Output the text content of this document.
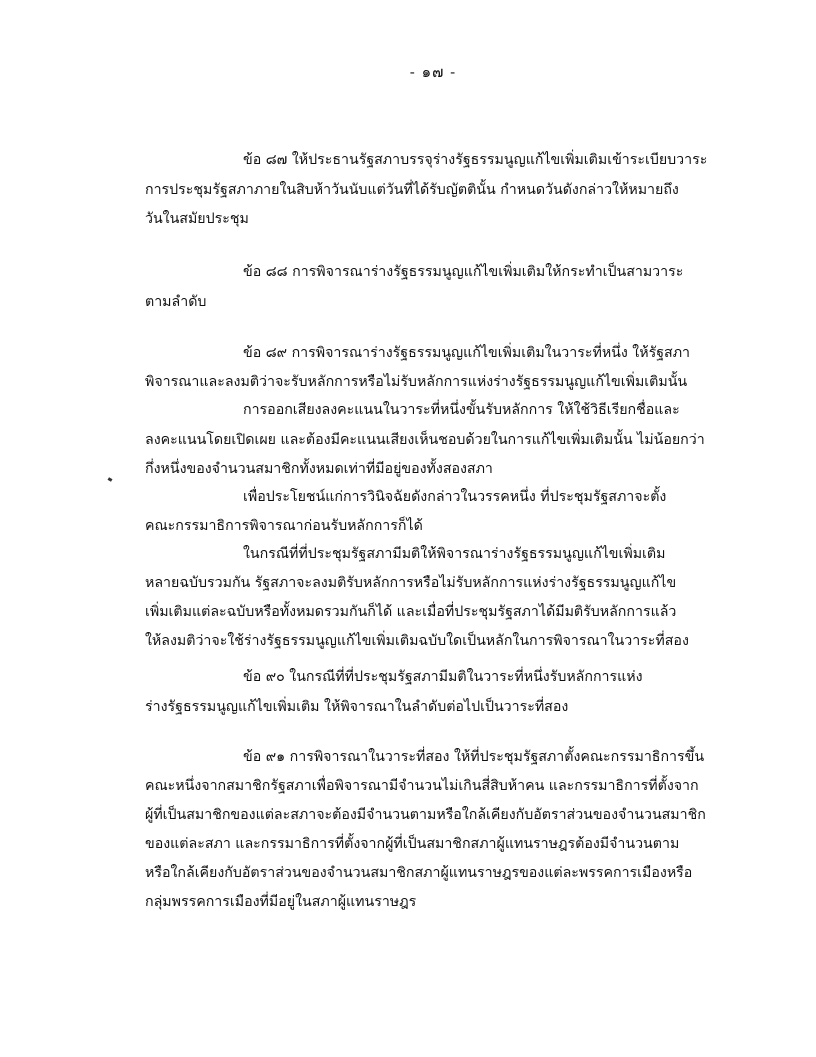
- ๑๗ -
ข้อ ๘๗ ให้ประธานรัฐสภาบรรจุร่างรัฐธรรมนูญแก้ไขเพิ่มเติมเข้าระเบียบวาระ
การประชุมรัฐสภาภายในสิบห้าวันนับแต่วันที่ได้รับญัตตินั้น กำหนดวันดังกล่าวให้หมายถึง
วันในสมัยประชุม
ข้อ ๘๘ การพิจารณาร่างรัฐธรรมนูญแก้ไขเพิ่มเติมให้กระทำเป็นสามวาระ
ตามลำดับ
ข้อ ๘๙ การพิจารณาร่างรัฐธรรมนูญแก้ไขเพิ่มเติมในวาระที่หนึ่ง ให้รัฐสภา
พิจารณาและลงมติว่าจะรับหลักการหรือไม่รับหลักการแห่งร่างรัฐธรรมนูญแก้ไขเพิ่มเติมนั้น
การออกเสียงลงคะแนนในวาระที่หนึ่งขั้นรับหลักการ ให้ใช้วิธีเรียกชื่อและ
ลงคะแนนโดยเปิดเผย และต้องมีคะแนนเสียงเห็นชอบด้วยในการแก้ไขเพิ่มเติมนั้น ไม่น้อยกว่า
กึ่งหนึ่งของจำนวนสมาชิกทั้งหมดเท่าที่มีอยู่ของทั้งสองสภา
เพื่อประโยชน์แก่การวินิจฉัยดังกล่าวในวรรคหนึ่ง ที่ประชุมรัฐสภาจะตั้ง
คณะกรรมาธิการพิจารณาก่อนรับหลักการก็ได้
ในกรณีที่ที่ประชุมรัฐสภามีมติให้พิจารณาร่างรัฐธรรมนูญแก้ไขเพิ่มเติม
หลายฉบับรวมกัน รัฐสภาจะลงมติรับหลักการหรือไม่รับหลักการแห่งร่างรัฐธรรมนูญแก้ไข
เพิ่มเติมแต่ละฉบับหรือทั้งหมดรวมกันก็ได้ และเมื่อที่ประชุมรัฐสภาได้มีมติรับหลักการแล้ว
ให้ลงมติว่าจะใช้ร่างรัฐธรรมนูญแก้ไขเพิ่มเติมฉบับใดเป็นหลักในการพิจารณาในวาระที่สอง
ข้อ ๙๐ ในกรณีที่ที่ประชุมรัฐสภามีมติในวาระที่หนึ่งรับหลักการแห่ง
ร่างรัฐธรรมนูญแก้ไขเพิ่มเติม ให้พิจารณาในลำดับต่อไปเป็นวาระที่สอง
ข้อ ๙๑ การพิจารณาในวาระที่สอง ให้ที่ประชุมรัฐสภาตั้งคณะกรรมาธิการขึ้น
คณะหนึ่งจากสมาชิกรัฐสภาเพื่อพิจารณามีจำนวนไม่เกินสี่สิบห้าคน และกรรมาธิการที่ตั้งจาก
ผู้ที่เป็นสมาชิกของแต่ละสภาจะต้องมีจำนวนตามหรือใกล้เคียงกับอัตราส่วนของจำนวนสมาชิก
ของแต่ละสภา และกรรมาธิการที่ตั้งจากผู้ที่เป็นสมาชิกสภาผู้แทนราษฎรต้องมีจำนวนตาม
หรือใกล้เคียงกับอัตราส่วนของจำนวนสมาชิกสภาผู้แทนราษฎรของแต่ละพรรคการเมืองหรือ
กลุ่มพรรคการเมืองที่มีอยู่ในสภาผู้แทนราษฎร
